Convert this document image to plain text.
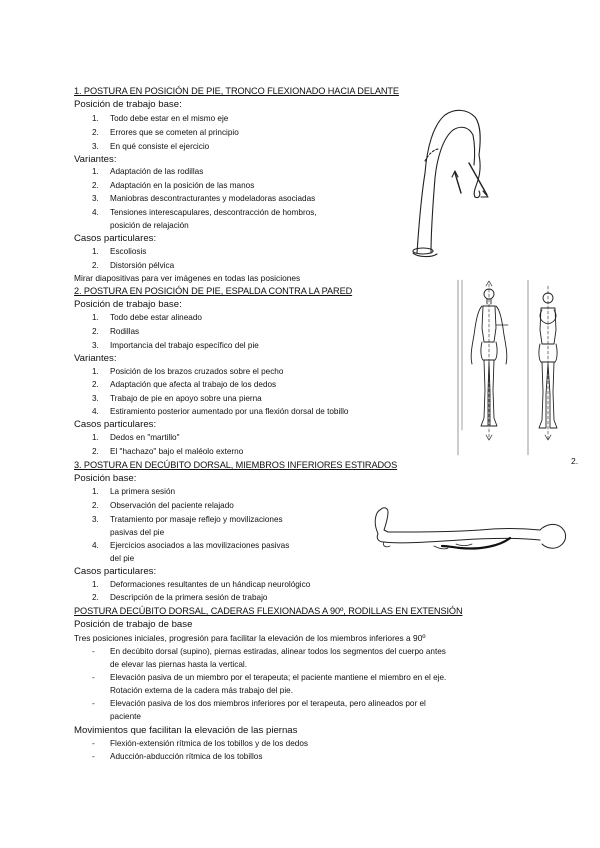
1. POSTURA EN POSICIÓN DE PIE, TRONCO FLEXIONADO HACIA DELANTE
Posición de trabajo base:
1. Todo debe estar en el mismo eje
2. Errores que se cometen al principio
3. En qué consiste el ejercicio
Variantes:
1. Adaptación de las rodillas
2. Adaptación en la posición de las manos
3. Maniobras descontracturantes y modeladoras asociadas
4. Tensiones interescapulares, descontracción de hombros,
posición de relajación
Casos particulares:
1. Escoliosis
2. Distorsión pélvica
Mirar diapositivas para ver imágenes en todas las posiciones
2. POSTURA EN POSICIÓN DE PIE, ESPALDA CONTRA LA PARED
Posición de trabajo base:
1. Todo debe estar alineado
2. Rodillas
3. Importancia del trabajo específico del pie
Variantes:
1. Posición de los brazos cruzados sobre el pecho
2. Adaptación que afecta al trabajo de los dedos
3. Trabajo de pie en apoyo sobre una pierna
4. Estiramiento posterior aumentado por una flexión dorsal de tobillo
Casos particulares:
1. Dedos en "martillo"
2. El "hachazo" bajo el maléolo externo
3. POSTURA EN DECÚBITO DORSAL, MIEMBROS INFERIORES ESTIRADOS
Posición base:
1. La primera sesión
2. Observación del paciente relajado
3. Tratamiento por masaje reflejo y movilizaciones
pasivas del pie
4. Ejercicios asociados a las movilizaciones pasivas
del pie
Casos particulares:
1. Deformaciones resultantes de un hándicap neurológico
2. Descripción de la primera sesión de trabajo
POSTURA DECÚBITO DORSAL, CADERAS FLEXIONADAS A 90º, RODILLAS EN EXTENSIÓN
Posición de trabajo de base
Tres posiciones iniciales, progresión para facilitar la elevación de los miembros inferiores a 90º
- En decúbito dorsal (supino), piernas estiradas, alinear todos los segmentos del cuerpo antes
de elevar las piernas hasta la vertical.
- Elevación pasiva de un miembro por el terapeuta; el paciente mantiene el miembro en el eje.
Rotación externa de la cadera más trabajo del pie.
- Elevación pasiva de los dos miembros inferiores por el terapeuta, pero alineados por el
paciente
Movimientos que facilitan la elevación de las piernas
- Flexión-extensión rítmica de los tobillos y de los dedos
- Aducción-abducción rítmica de los tobillos
2.
